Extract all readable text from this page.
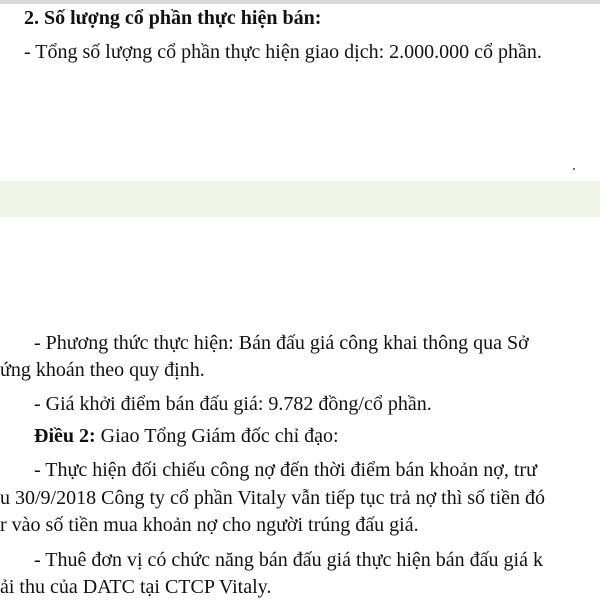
2. Số lượng cổ phần thực hiện bán:
- Tổng số lượng cổ phần thực hiện giao dịch: 2.000.000 cổ phần.
- Phương thức thực hiện: Bán đấu giá công khai thông qua Sở
ứng khoán theo quy định.
- Giá khởi điểm bán đấu giá: 9.782 đồng/cổ phần.
Điều 2: Giao Tổng Giám đốc chỉ đạo:
- Thực hiện đối chiếu công nợ đến thời điểm bán khoản nợ, trư
u 30/9/2018 Công ty cổ phần Vitaly vẫn tiếp tục trả nợ thì số tiền đó
r vào số tiền mua khoản nợ cho người trúng đấu giá.
- Thuê đơn vị có chức năng bán đấu giá thực hiện bán đấu giá k
ải thu của DATC tại CTCP Vitaly.
